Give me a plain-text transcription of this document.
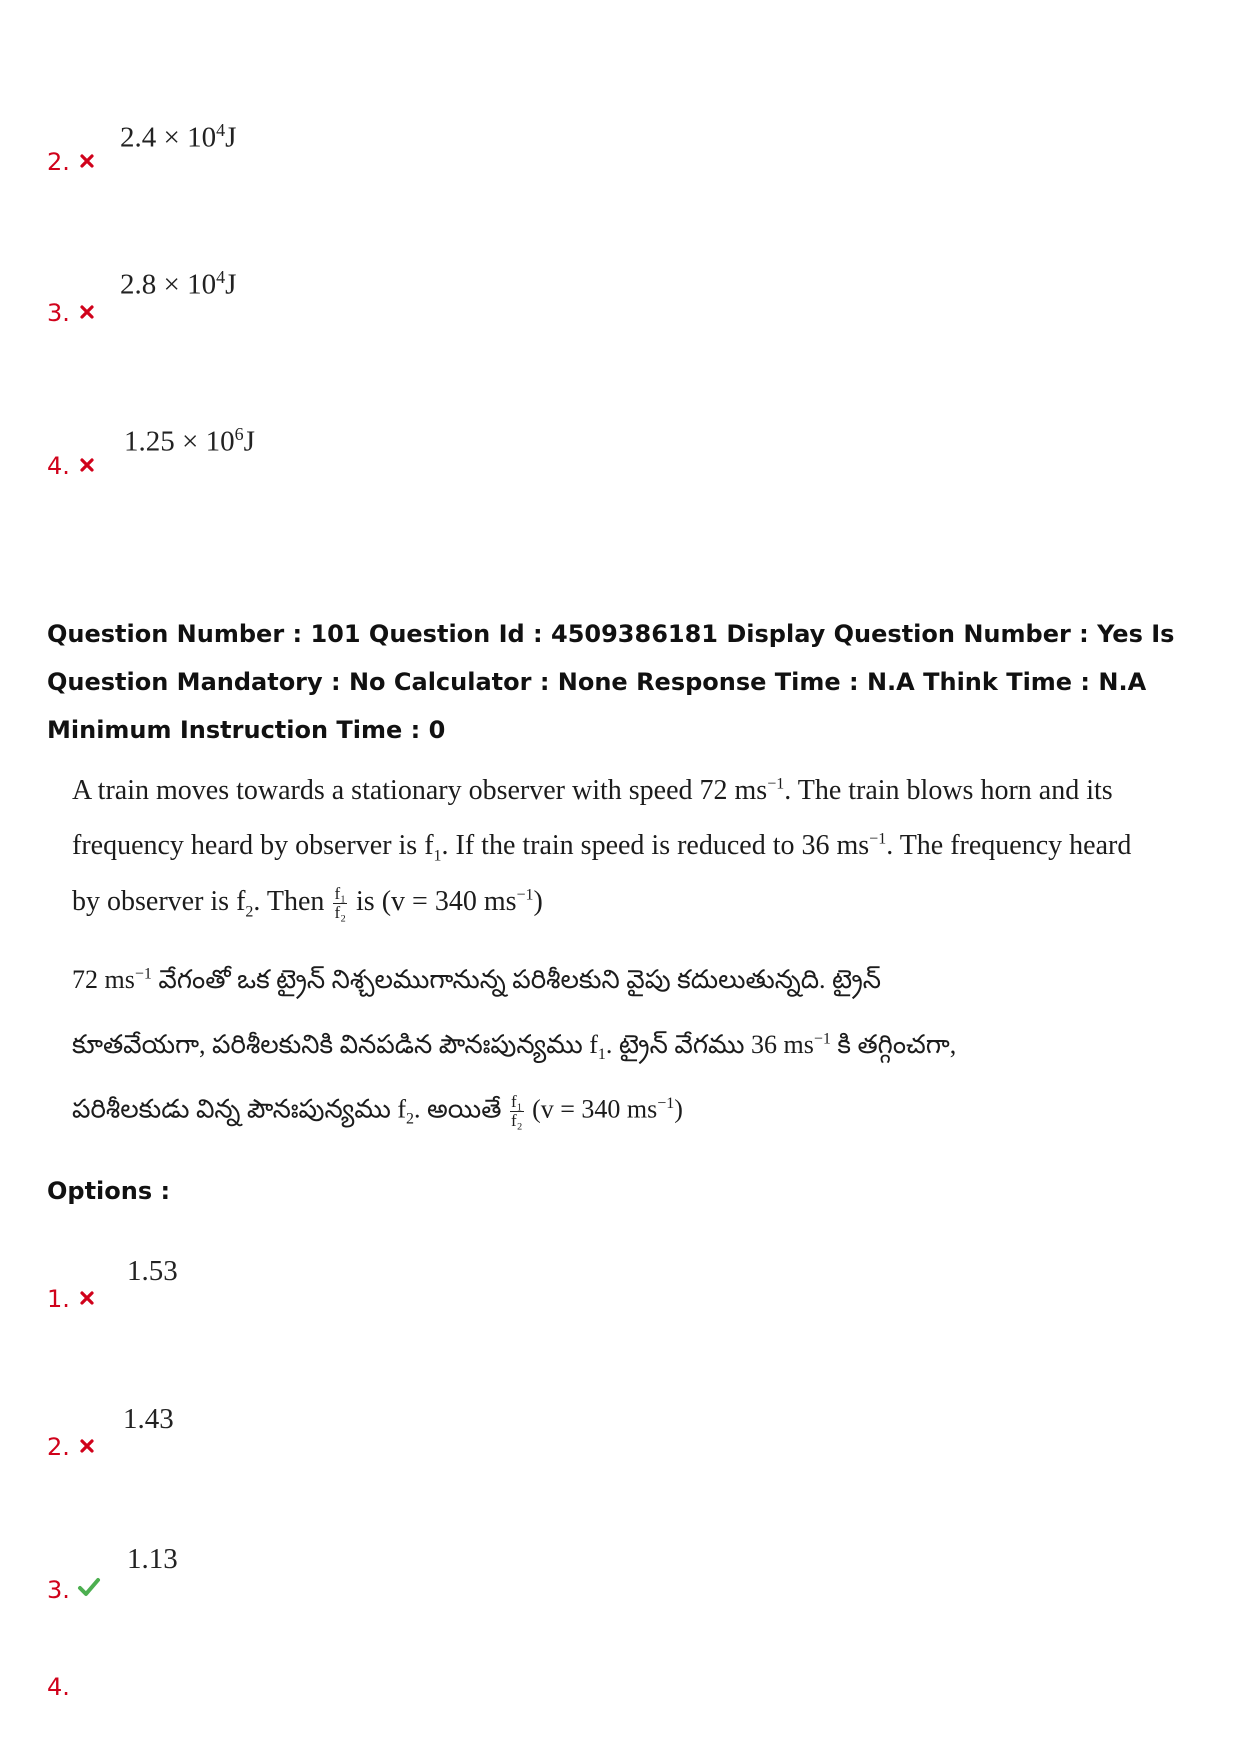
$2.4 \times 10^4J$
2.
$2.8 \times 10^4J$
3.
$1.25 \times 10^6J$
4.
Question Number : 101 Question Id : 4509386181 Display Question Number : Yes Is Question Mandatory : No Calculator : None Response Time : N.A Think Time : N.A Minimum Instruction Time : 0
A train moves towards a stationary observer with speed 72 $ms^{-1}$. The train blows horn and its
frequency heard by observer is $f_1$. If the train speed is reduced to 36 $ms^{-1}$. The frequency heard
by observer is $f_2$. Then $\frac{\text{f₁}}{\text{f₂}}$ is (v = 340 $ms^{-1}$)
72 $ms^{-1}$ వేగంతో ఒక ట్రైన్ నిశ్చలముగానున్న పరిశీలకుని వైపు కదులుతున్నది. ట్రైన్
కూతవేయగా, పరిశీలకునికి వినపడిన పౌనఃపున్యము $f_1$. ట్రైన్ వేగము 36 $ms^{-1}$ కి తగ్గించగా,
పరిశీలకుడు విన్న పౌనఃపున్యము $f_2$. అయితే $\frac{\text{f₁}}{\text{f₂}} (v = 340$ $ms^{-1}$)
Options :
1.53
1.
1.43
2.
1.13
3.
4.
